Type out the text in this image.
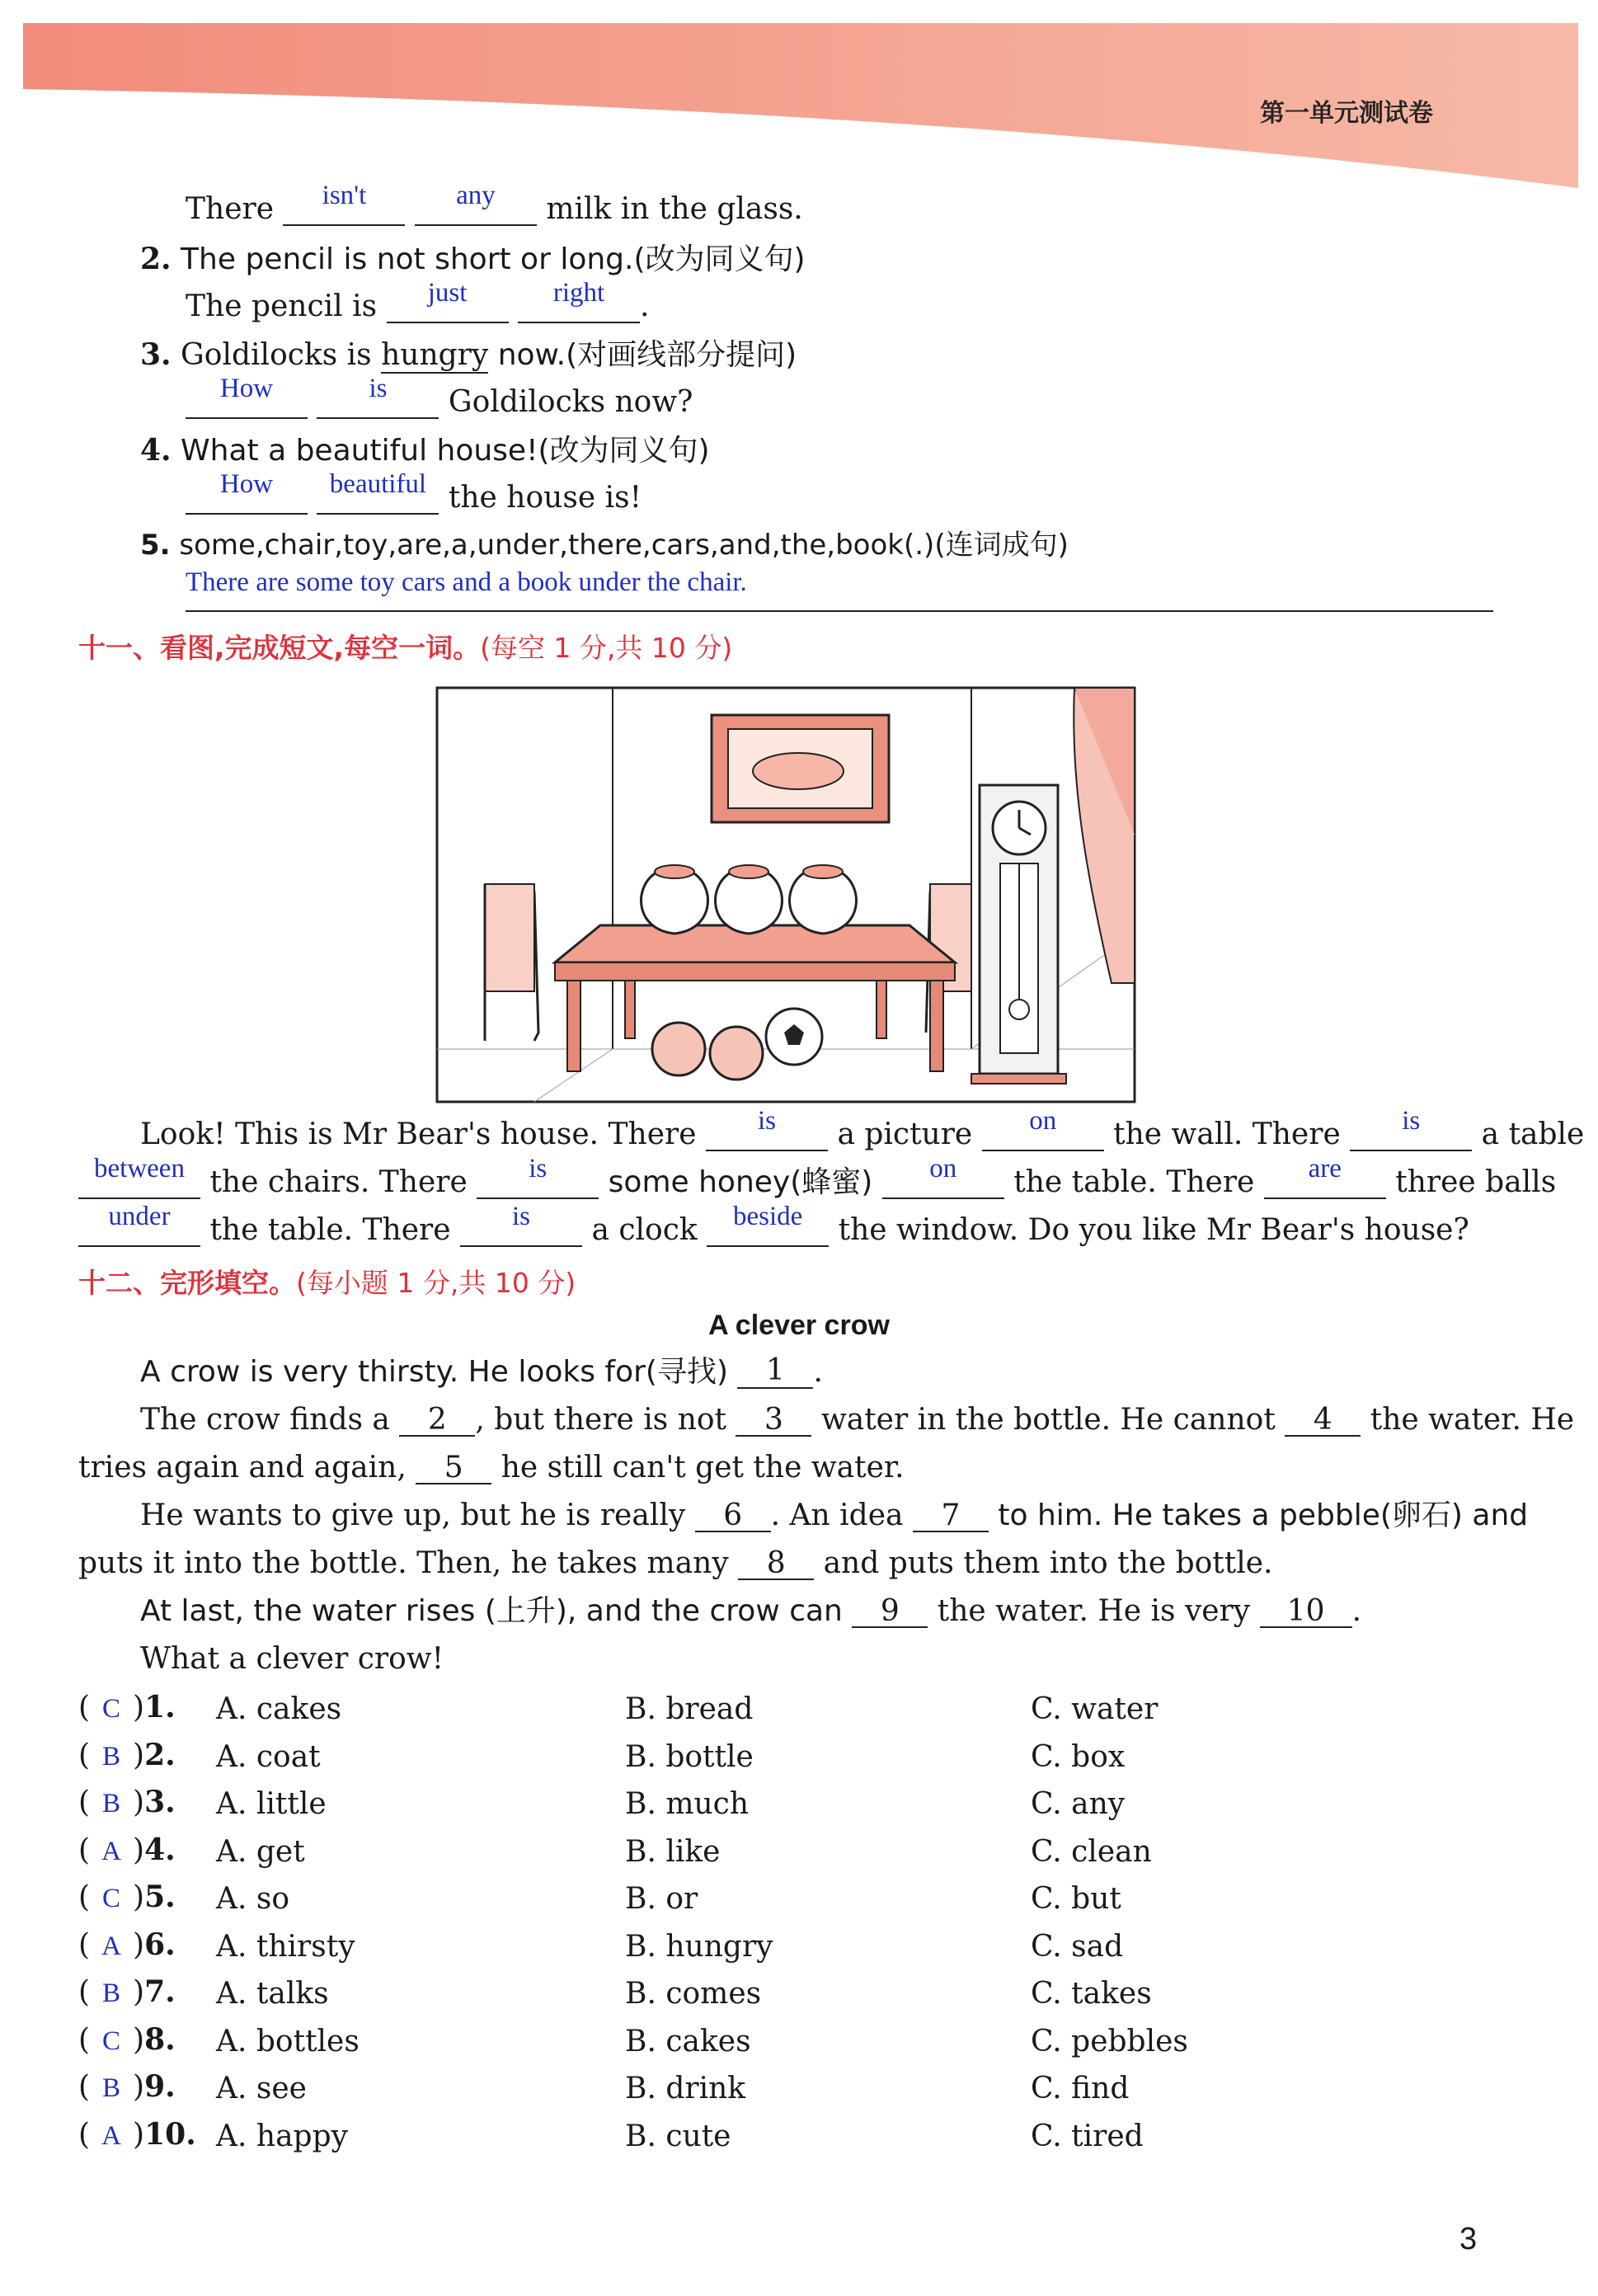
第一单元测试卷
There isn't	any milk in the glass.
2. The pencil is not short or long.(改为同义句)
The pencil is just	right .
3. Goldilocks is hungry now.(对画线部分提问)
How	is Goldilocks now?
4. What a beautiful house!(改为同义句)
How beautiful the house is!
5. some,chair,toy,are,a,under,there,cars,and,the,book(.)(连词成句)
There are some toy cars and a book under the chair.
十一、看图,完成短文,每空一词。(每空 1 分,共 10 分)
Look! This is Mr Bear's house. There is a picture on the wall. There is a table
between the chairs. There is some honey(蜂蜜) on the table. There are three balls
under the table. There is a clock beside the window. Do you like Mr Bear's house?
十二、完形填空。(每小题 1 分,共 10 分)
A clever crow
A crow is very thirsty. He looks for(寻找) 1 .
The crow finds a 2 , but there is not 3 water in the bottle. He cannot 4 the water. He
tries again and again, 5 he still can't get the water.
He wants to give up, but he is really 6 . An idea 7 to him. He takes a pebble(卵石) and
puts it into the bottle. Then, he takes many 8 and puts them into the bottle.
At last, the water rises (上升), and the crow can 9 the water. He is very 10 .
What a clever crow!
( C )1. A. cakes	B. bread	C. water
( B )2. A. coat	B. bottle	C. box
( B )3. A. little	B. much	C. any
( A )4. A. get	B. like	C. clean
( C )5. A. so	B. or	C. but
( A )6. A. thirsty	B. hungry	C. sad
( B )7. A. talks	B. comes	C. takes
( C )8. A. bottles	B. cakes	C. pebbles
( B )9. A. see	B. drink	C. find
( A )10. A. happy	B. cute	C. tired
3
